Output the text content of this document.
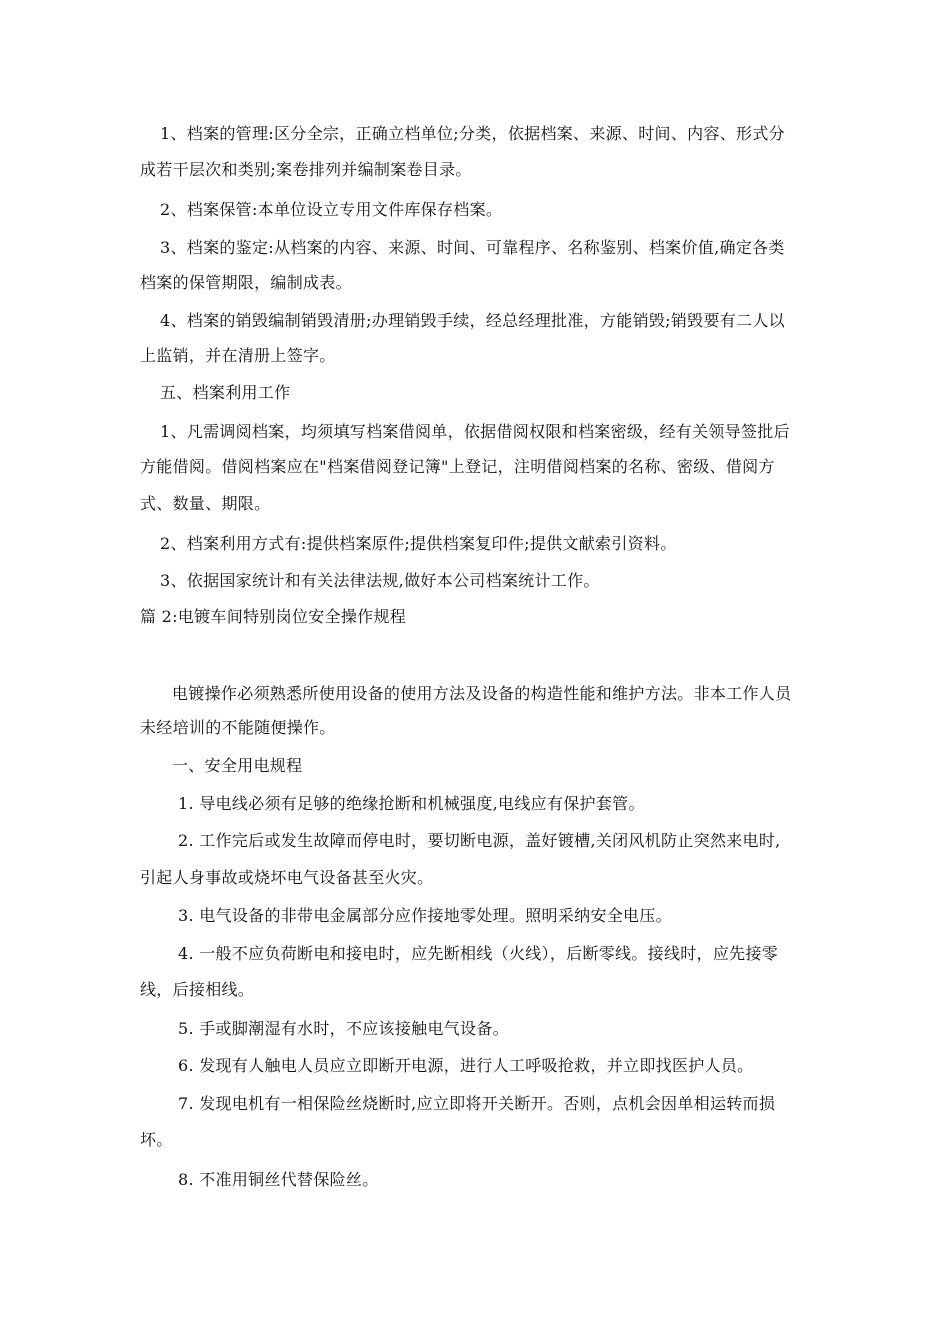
1、档案的管理:区分全宗，正确立档单位;分类，依据档案、来源、时间、内容、形式分
成若干层次和类别;案卷排列并编制案卷目录。
2、档案保管:本单位设立专用文件库保存档案。
3、档案的鉴定:从档案的内容、来源、时间、可靠程序、名称鉴别、档案价值,确定各类
档案的保管期限，编制成表。
4、档案的销毁编制销毁清册;办理销毁手续，经总经理批准，方能销毁;销毁要有二人以
上监销，并在清册上签字。
五、档案利用工作
1、凡需调阅档案，均须填写档案借阅单，依据借阅权限和档案密级，经有关领导签批后
方能借阅。借阅档案应在"档案借阅登记簿"上登记，注明借阅档案的名称、密级、借阅方
式、数量、期限。
2、档案利用方式有:提供档案原件;提供档案复印件;提供文献索引资料。
3、依据国家统计和有关法律法规,做好本公司档案统计工作。
篇 2:电镀车间特别岗位安全操作规程
电镀操作必须熟悉所使用设备的使用方法及设备的构造性能和维护方法。非本工作人员
未经培训的不能随便操作。
一、安全用电规程
1. 导电线必须有足够的绝缘抢断和机械强度,电线应有保护套管。
2. 工作完后或发生故障而停电时，要切断电源，盖好镀槽,关闭风机防止突然来电时,
引起人身事故或烧坏电气设备甚至火灾。
3. 电气设备的非带电金属部分应作接地零处理。照明采纳安全电压。
4. 一般不应负荷断电和接电时，应先断相线（火线），后断零线。接线时，应先接零
线，后接相线。
5. 手或脚潮湿有水时，不应该接触电气设备。
6. 发现有人触电人员应立即断开电源，进行人工呼吸抢救，并立即找医护人员。
7. 发现电机有一相保险丝烧断时,应立即将开关断开。否则，点机会因单相运转而损
坏。
8. 不准用铜丝代替保险丝。
